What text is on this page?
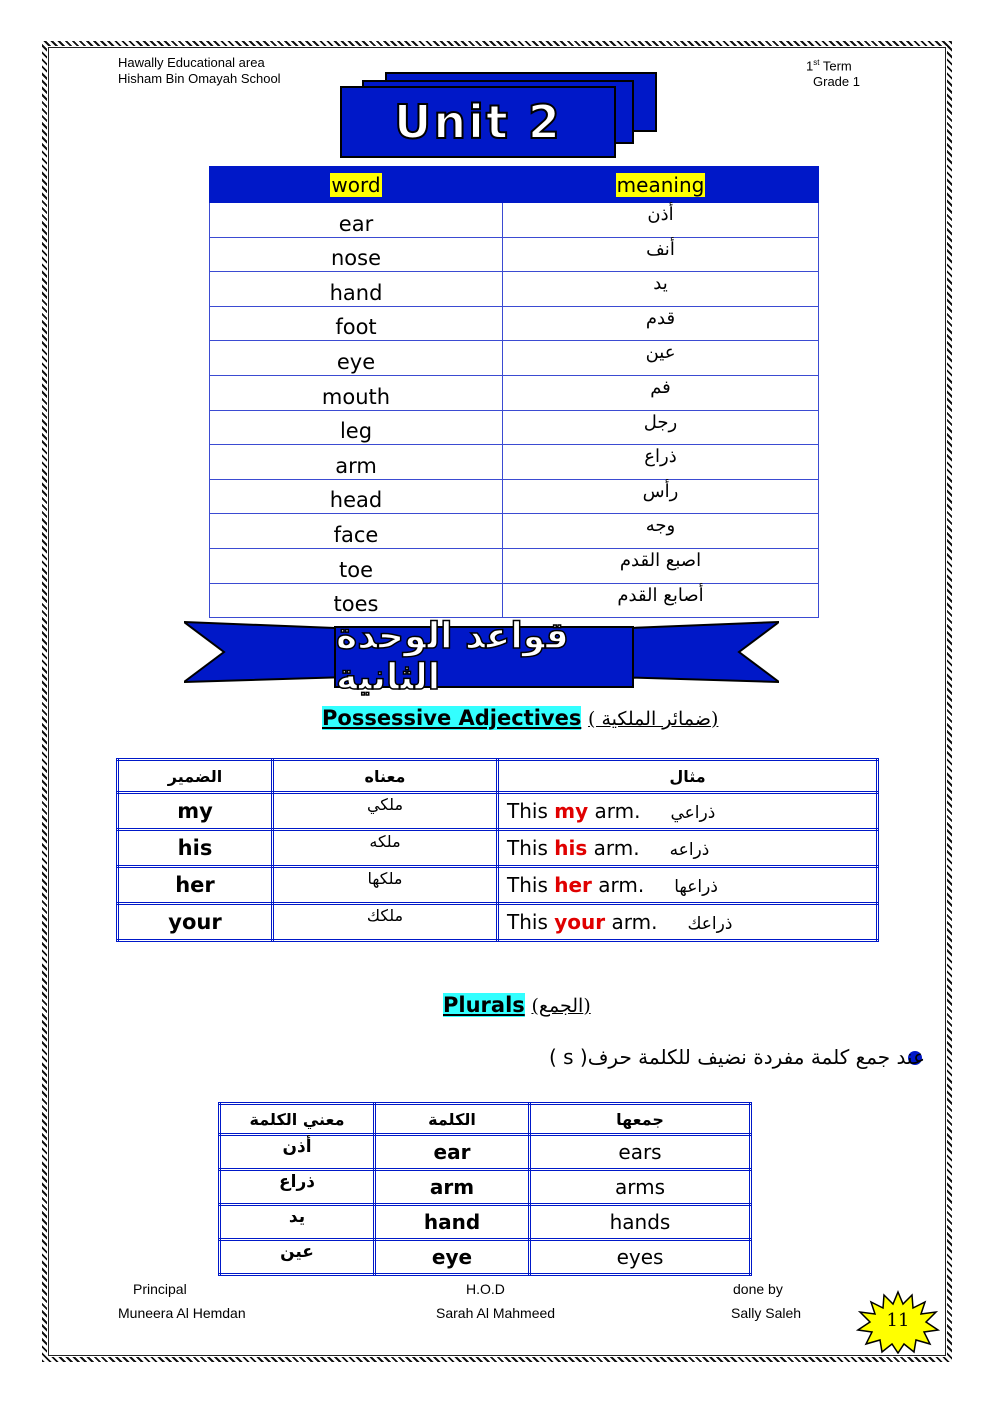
Hawally Educational area
Hisham Bin Omayah School
1st Term
Grade 1
Unit 2
word	meaning
ear	أذن
nose	أنف
hand	يد
foot	قدم
eye	عين
mouth	فم
leg	رجل
arm	ذراع
head	رأس
face	وجه
toe	اصبع القدم
toes	أصابع القدم
قواعد الوحدة الثانية
Possessive Adjectives ( ضمائر الملكية)
الضمير	معناه	مثال
my	ملكي	This my arm. ذراعي
his	ملكه	This his arm. ذراعه
her	ملكها	This her arm. ذراعها
your	ملكك	This your arm. ذراعك
Plurals (الجمع)
عند جمع كلمة مفردة نضيف للكلمة حرف( s )
معني الكلمة	الكلمة	جمعها
أذن	ear	ears
ذراع	arm	arms
يد	hand	hands
عين	eye	eyes
Principal
Muneera Al Hemdan
H.O.D
Sarah Al Mahmeed
done by
Sally Saleh	11
